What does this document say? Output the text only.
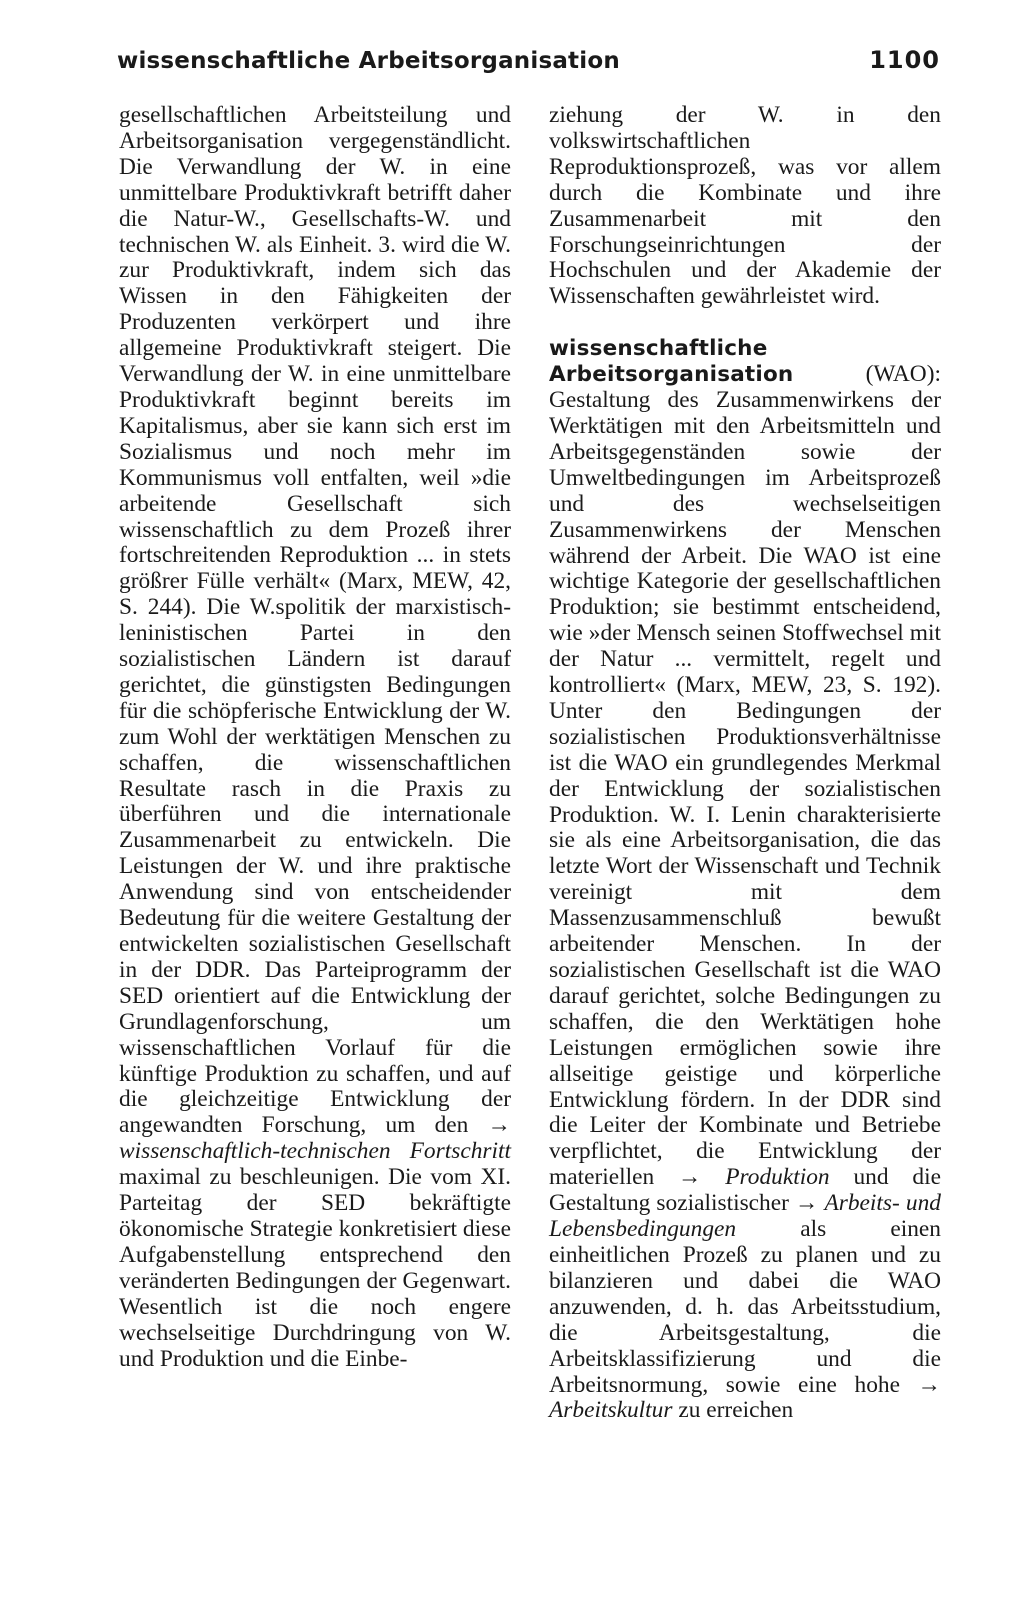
wissenschaftliche Arbeitsorganisation	1100

gesellschaftlichen Arbeitsteilung und Arbeitsorganisation vergegenständlicht. Die Verwandlung der W. in eine unmittelbare Produktivkraft betrifft daher die Natur-W., Gesellschafts-W. und technischen W. als Einheit. 3. wird die W. zur Produktivkraft, indem sich das Wissen in den Fähigkeiten der Produzenten verkörpert und ihre allgemeine Produktivkraft steigert. Die Verwandlung der W. in eine unmittelbare Produktivkraft beginnt bereits im Kapitalismus, aber sie kann sich erst im Sozialismus und noch mehr im Kommunismus voll entfalten, weil »die arbeitende Gesellschaft sich wissenschaftlich zu dem Prozeß ihrer fortschreitenden Reproduktion ... in stets größrer Fülle verhält« (Marx, MEW, 42, S. 244). Die W.spolitik der marxistisch-leninistischen Partei in den sozialistischen Ländern ist darauf gerichtet, die günstigsten Bedingungen für die schöpferische Entwicklung der W. zum Wohl der werktätigen Menschen zu schaffen, die wissenschaftlichen Resultate rasch in die Praxis zu überführen und die internationale Zusammenarbeit zu entwickeln. Die Leistungen der W. und ihre praktische Anwendung sind von entscheidender Bedeutung für die weitere Gestaltung der entwickelten sozialistischen Gesellschaft in der DDR. Das Parteiprogramm der SED orientiert auf die Entwicklung der Grundlagenforschung, um wissenschaftlichen Vorlauf für die künftige Produktion zu schaffen, und auf die gleichzeitige Entwicklung der angewandten Forschung, um den → wissenschaftlich-technischen Fortschritt maximal zu beschleunigen. Die vom XI. Parteitag der SED bekräftigte ökonomische Strategie konkretisiert diese Aufgabenstellung entsprechend den veränderten Bedingungen der Gegenwart. Wesentlich ist die noch engere wechselseitige Durchdringung von W. und Produktion und die Einbe-

ziehung der W. in den volkswirtschaftlichen Reproduktionsprozeß, was vor allem durch die Kombinate und ihre Zusammenarbeit mit den Forschungseinrichtungen der Hochschulen und der Akademie der Wissenschaften gewährleistet wird.

wissenschaftliche Arbeitsorganisation	(WAO): Gestaltung des Zusammenwirkens der Werktätigen mit den Arbeitsmitteln und Arbeitsgegenständen sowie der Umweltbedingungen im Arbeitsprozeß und des wechselseitigen Zusammenwirkens der Menschen während der Arbeit. Die WAO ist eine wichtige Kategorie der gesellschaftlichen Produktion; sie bestimmt entscheidend, wie »der Mensch seinen Stoffwechsel mit der Natur ... vermittelt, regelt und kontrolliert« (Marx, MEW, 23, S. 192). Unter den Bedingungen der sozialistischen Produktionsverhältnisse ist die WAO ein grundlegendes Merkmal der Entwicklung der sozialistischen Produktion. W. I. Lenin charakterisierte sie als eine Arbeitsorganisation, die das letzte Wort der Wissenschaft und Technik vereinigt mit dem Massenzusammenschluß bewußt arbeitender Menschen. In der sozialistischen Gesellschaft ist die WAO darauf gerichtet, solche Bedingungen zu schaffen, die den Werktätigen hohe Leistungen ermöglichen sowie ihre allseitige geistige und körperliche Entwicklung fördern. In der DDR sind die Leiter der Kombinate und Betriebe verpflichtet, die Entwicklung der materiellen → Produktion und die Gestaltung sozialistischer → Arbeits- und Lebensbedingungen	als einen einheitlichen Prozeß zu planen und zu bilanzieren und dabei die WAO anzuwenden, d. h. das Arbeitsstudium, die Arbeitsgestaltung, die Arbeitsklassifizierung und die Arbeitsnormung, sowie eine hohe → Arbeitskultur zu erreichen
